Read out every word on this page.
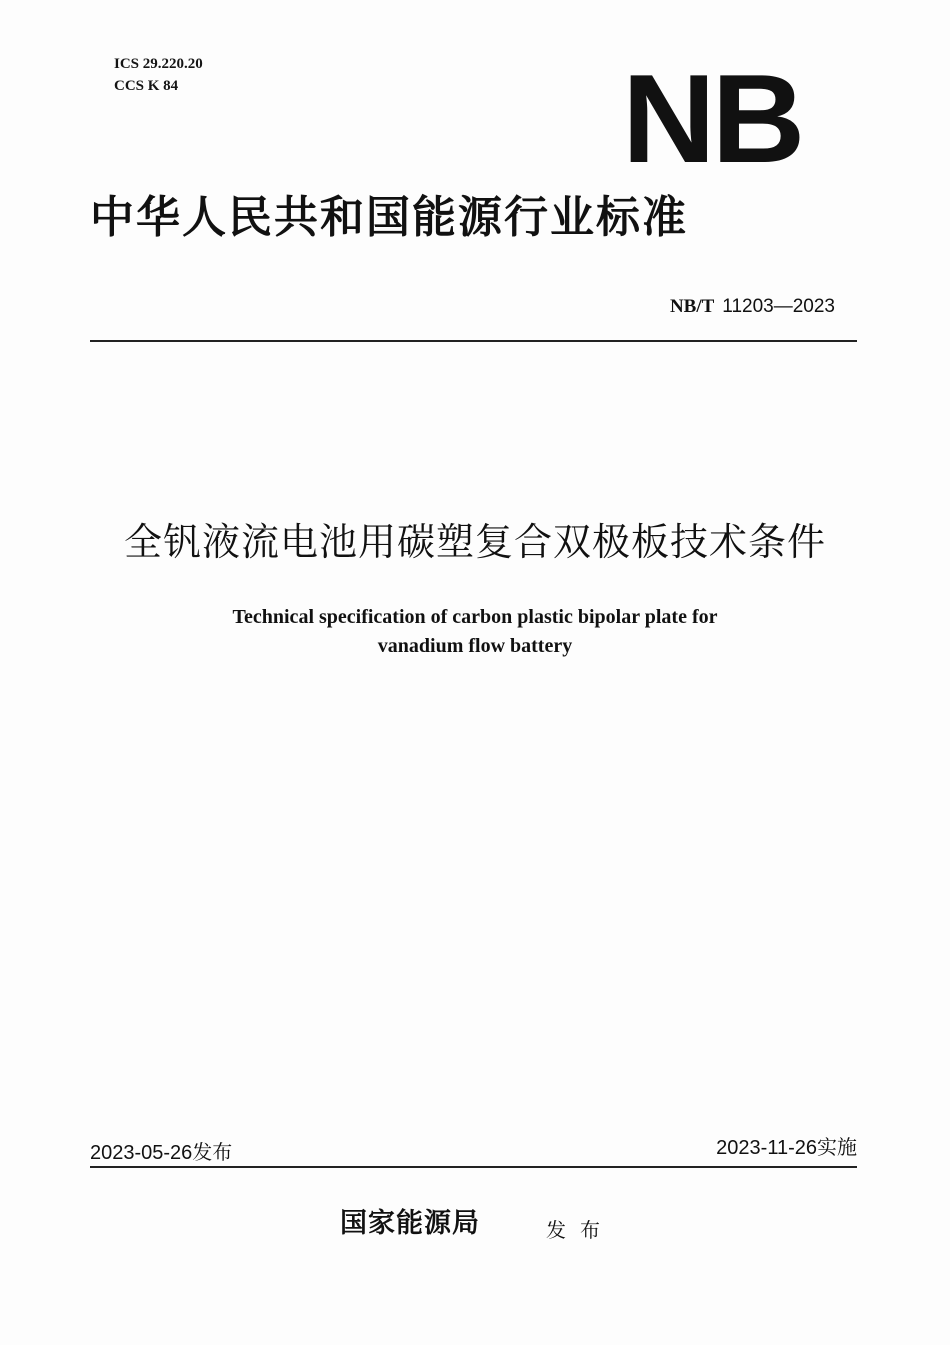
ICS 29.220.20
CCS K 84	NB
中华人民共和国能源行业标准
NB/T 11203—2023
全钒液流电池用碳塑复合双极板技术条件
Technical specification of carbon plastic bipolar plate for
vanadium flow battery
2023-05-26发布	2023-11-26实施
国家能源局	发布
